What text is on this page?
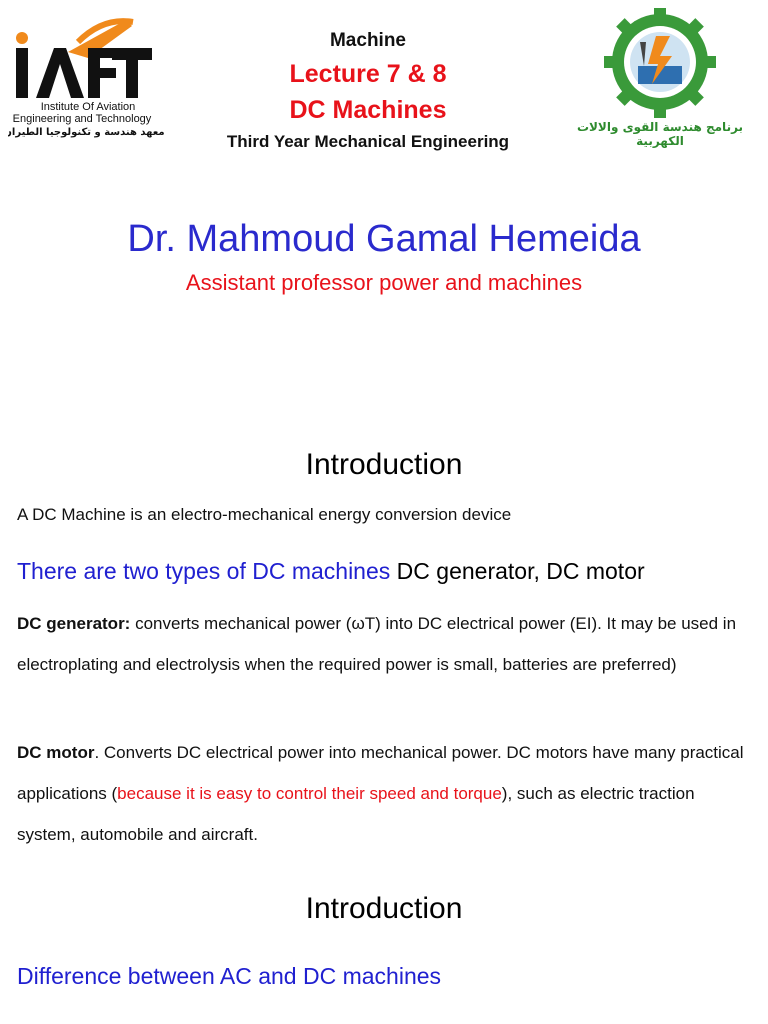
Institute Of Aviation
Engineering and Technology
معهد هندسة و تكنولوجيا الطيران
Machine
Lecture 7 & 8
DC Machines
Third Year Mechanical Engineering
برنامج هندسة القوى والالات الكهربية
Dr. Mahmoud Gamal Hemeida
Assistant professor power and machines
Introduction
A DC Machine is an electro-mechanical energy conversion device
There are two types of DC machines DC generator, DC motor
DC generator: converts mechanical power (ωT) into DC electrical power (EI). It may be used in electroplating and electrolysis when the required power is small, batteries are preferred)
DC motor. Converts DC electrical power into mechanical power. DC motors have many practical applications (because it is easy to control their speed and torque), such as electric traction system, automobile and aircraft.
Introduction
Difference between AC and DC machines
